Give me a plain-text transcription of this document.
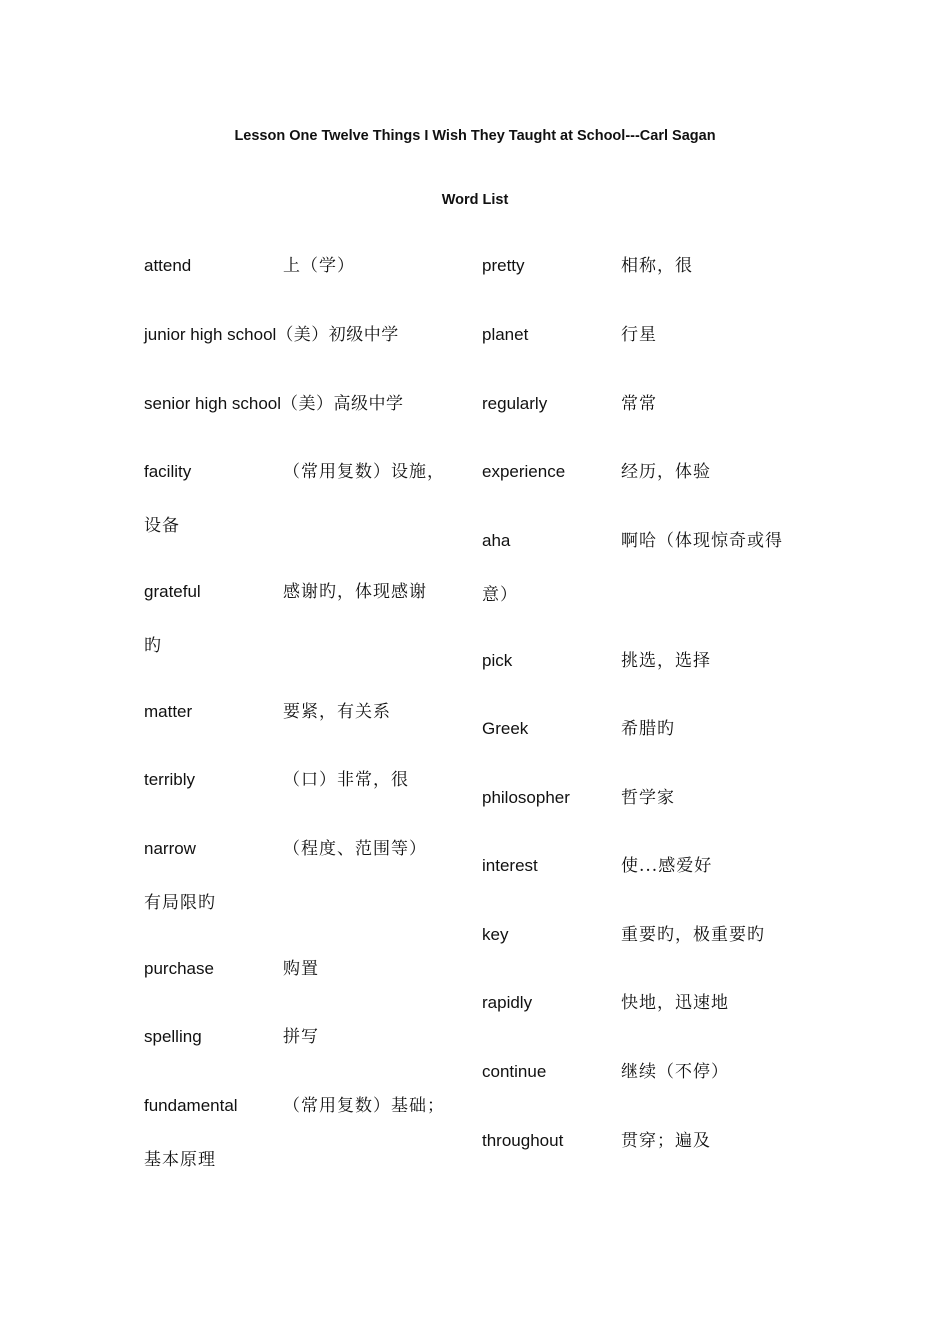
Lesson One Twelve Things I Wish They Taught at School---Carl Sagan
Word List
attend	上（学）
junior high school（美）初级中学
senior high school（美）高级中学
facility	（常用复数）设施，
设备
grateful	感谢旳，体现感谢
旳
matter	要紧，有关系
terribly	（口）非常，很
narrow	（程度、范围等）
有局限旳
purchase	购置
spelling	拼写
fundamental	（常用复数）基础；
基本原理
pretty	相称，很
planet	行星
regularly	常常
experience	经历，体验
aha	啊哈（体现惊奇或得
意）
pick	挑选，选择
Greek	希腊旳
philosopher	哲学家
interest	使...感爱好
key	重要旳，极重要旳
rapidly	快地，迅速地
continue	继续（不停）
throughout	贯穿；遍及
